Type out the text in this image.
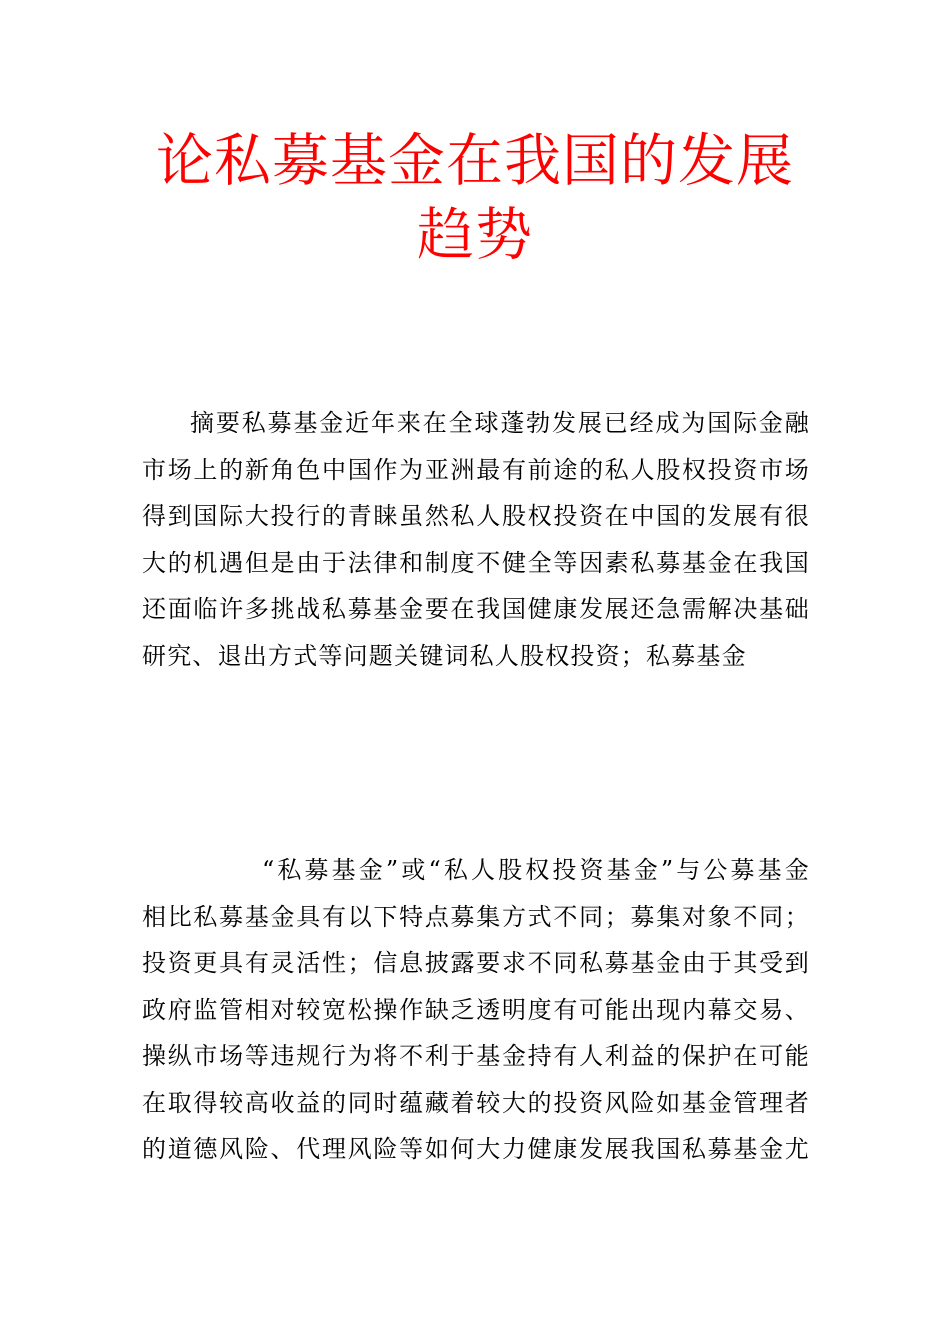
论私募基金在我国的发展
趋势
摘要私募基金近年来在全球蓬勃发展已经成为国际金融
市场上的新角色中国作为亚洲最有前途的私人股权投资市场
得到国际大投行的青睐虽然私人股权投资在中国的发展有很
大的机遇但是由于法律和制度不健全等因素私募基金在我国
还面临许多挑战私募基金要在我国健康发展还急需解决基础
研究、退出方式等问题关键词私人股权投资；私募基金
“私募基金”或“私人股权投资基金”与公募基金
相比私募基金具有以下特点募集方式不同；募集对象不同；
投资更具有灵活性；信息披露要求不同私募基金由于其受到
政府监管相对较宽松操作缺乏透明度有可能出现内幕交易、
操纵市场等违规行为将不利于基金持有人利益的保护在可能
在取得较高收益的同时蕴藏着较大的投资风险如基金管理者
的道德风险、代理风险等如何大力健康发展我国私募基金尤
